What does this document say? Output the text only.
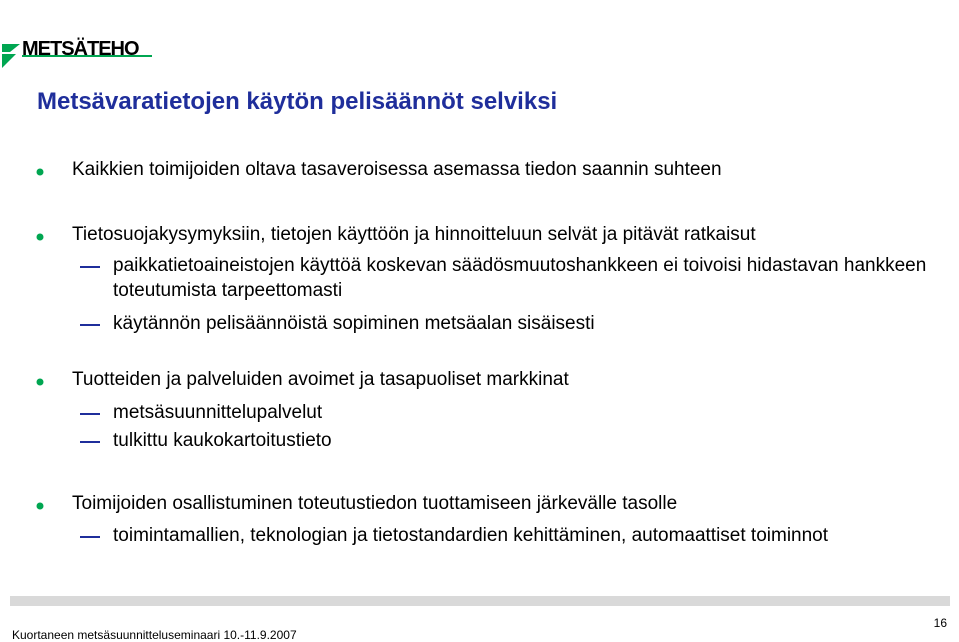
METSÄTEHO
Metsävaratietojen käytön pelisäännöt selviksi
Kaikkien toimijoiden oltava tasaveroisessa asemassa tiedon saannin suhteen
Tietosuojakysymyksiin, tietojen käyttöön ja hinnoitteluun selvät ja pitävät ratkaisut
paikkatietoaineistojen käyttöä koskevan säädösmuutoshankkeen ei toivoisi hidastavan hankkeen toteutumista tarpeettomasti
käytännön pelisäännöistä sopiminen metsäalan sisäisesti
Tuotteiden ja palveluiden avoimet ja tasapuoliset markkinat
metsäsuunnittelupalvelut
tulkittu kaukokartoitustieto
Toimijoiden osallistuminen toteutustiedon tuottamiseen järkevälle tasolle
toimintamallien, teknologian ja tietostandardien kehittäminen, automaattiset toiminnot
Kuortaneen metsäsuunnitteluseminaari 10.-11.9.2007
16
